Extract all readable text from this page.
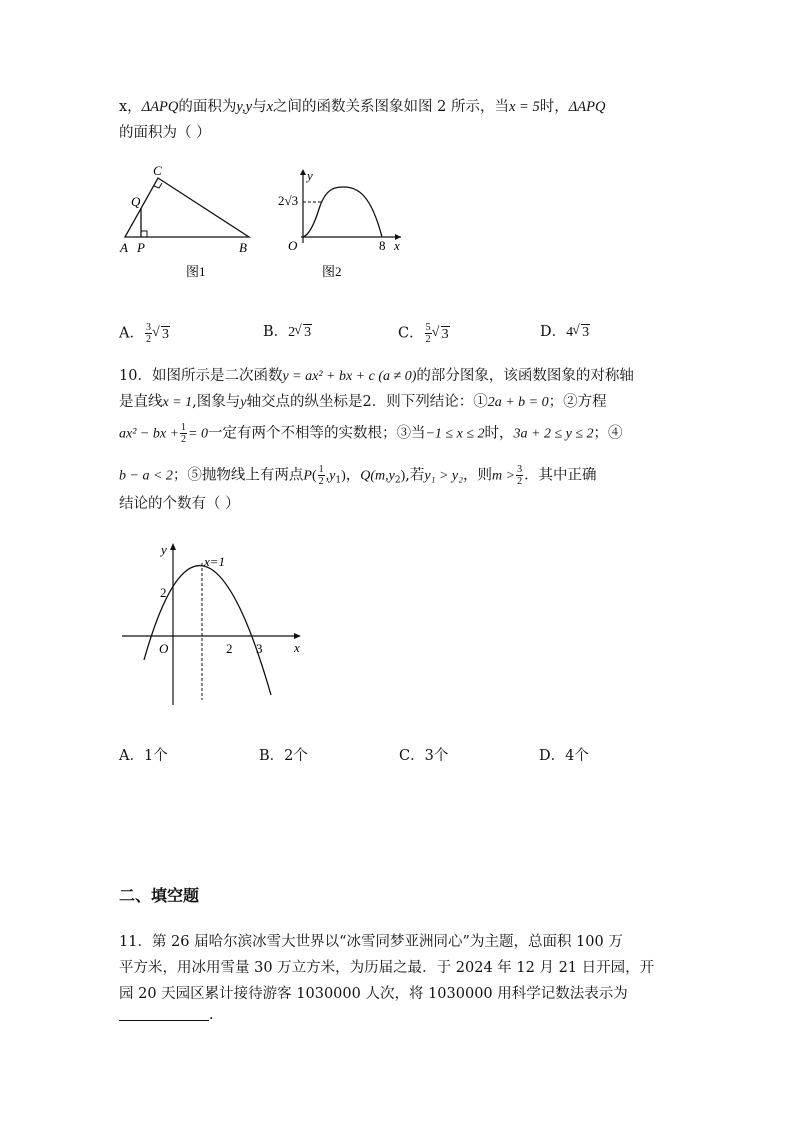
x，ΔAPQ的面积为y,y与x之间的函数关系图象如图 2 所示，当x = 5时，ΔAPQ
的面积为（ ）
C
Q
A P	B
图1
y
x
O	8
2√3
图2
A． $\frac{3}{2}$ √ 3	B．2 √ 3	C． $\frac{5}{2}$ √ 3	D．4 √ 3
10．如图所示是二次函数y = ax² + bx + c (a ≠ 0)的部分图象，该函数图象的对称轴
是直线x = 1,图象与y轴交点的纵坐标是2．则下列结论：①2a + b = 0；②方程
ax² − bx + $\frac{1}{2} = 0$一定有两个不相等的实数根；③当−1 ≤ x ≤ 2时，3a + 2 ≤ y ≤ 2；④
b − a < 2；⑤抛物线上有两点$P( \frac{1}{2} ,y_1)$，$Q(m,y_2)$,若y₁ > y₂，则$m > \frac{3}{2}$ ．其中正确
结论的个数有（ ）
x=1
y
x
O
2
2 3
A．1个	B．2个	C．3个	D．4个
二、填空题
11．第 26 届哈尔滨冰雪大世界以“冰雪同梦亚洲同心”为主题，总面积 100 万
平方米，用冰用雪量 30 万立方米，为历届之最．于 2024 年 12 月 21 日开园，开
园 20 天园区累计接待游客 1030000 人次，将 1030000 用科学记数法表示为
.
